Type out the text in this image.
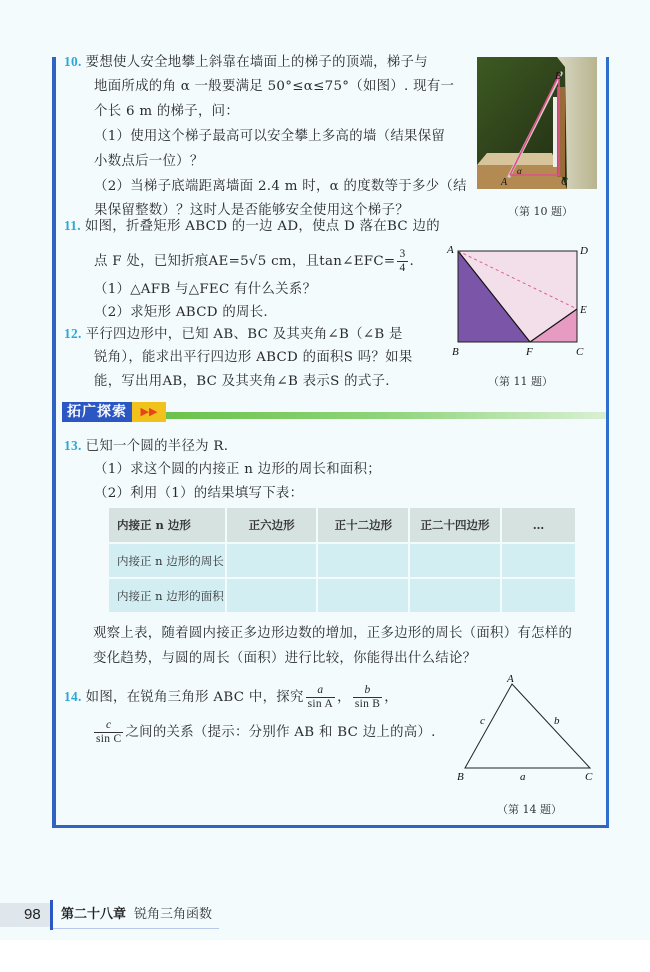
10. 要想使人安全地攀上斜靠在墙面上的梯子的顶端，梯子与
地面所成的角 α 一般要满足 50°≤α≤75°（如图）. 现有一
个长 6 m 的梯子，问：
（1）使用这个梯子最高可以安全攀上多高的墙（结果保留
小数点后一位）？
（2）当梯子底端距离墙面 2.4 m 时，α 的度数等于多少（结
果保留整数）？这时人是否能够安全使用这个梯子？
B
A	C
α
（第 10 题）
11. 如图，折叠矩形 ABCD 的一边 AD，使点 D 落在BC 边的
点 F 处，已知折痕AE=5√5 cm，且tan∠EFC= $\frac{3}{4}$ .
（1）△AFB 与△FEC 有什么关系？
（2）求矩形 ABCD 的周长.
A	D
E
B	F	C
（第 11 题）
12. 平行四边形中，已知 AB、BC 及其夹角∠B（∠B 是
锐角），能求出平行四边形 ABCD 的面积S 吗？如果
能，写出用AB，BC 及其夹角∠B 表示S 的式子.
拓广探索	▶▶
13. 已知一个圆的半径为 R.
（1）求这个圆的内接正 n 边形的周长和面积；
（2）利用（1）的结果填写下表：
内接正 n 边形	正六边形	正十二边形	正二十四边形	…
内接正 n 边形的周长				
内接正 n 边形的面积				
观察上表，随着圆内接正多边形边数的增加，正多边形的周长（面积）有怎样的
变化趋势，与圆的周长（面积）进行比较，你能得出什么结论？
14. 如图，在锐角三角形 ABC 中，探究 $\frac{a}{\text{sin A}}$ ， $\frac{b}{\text{sin B}}$ ，
$\frac{c}{\text{sin C}}$ 之间的关系（提示：分别作 AB 和 BC 边上的高）.
A
B	C
a
b
c
（第 14 题）
98 第二十八章 锐角三角函数
